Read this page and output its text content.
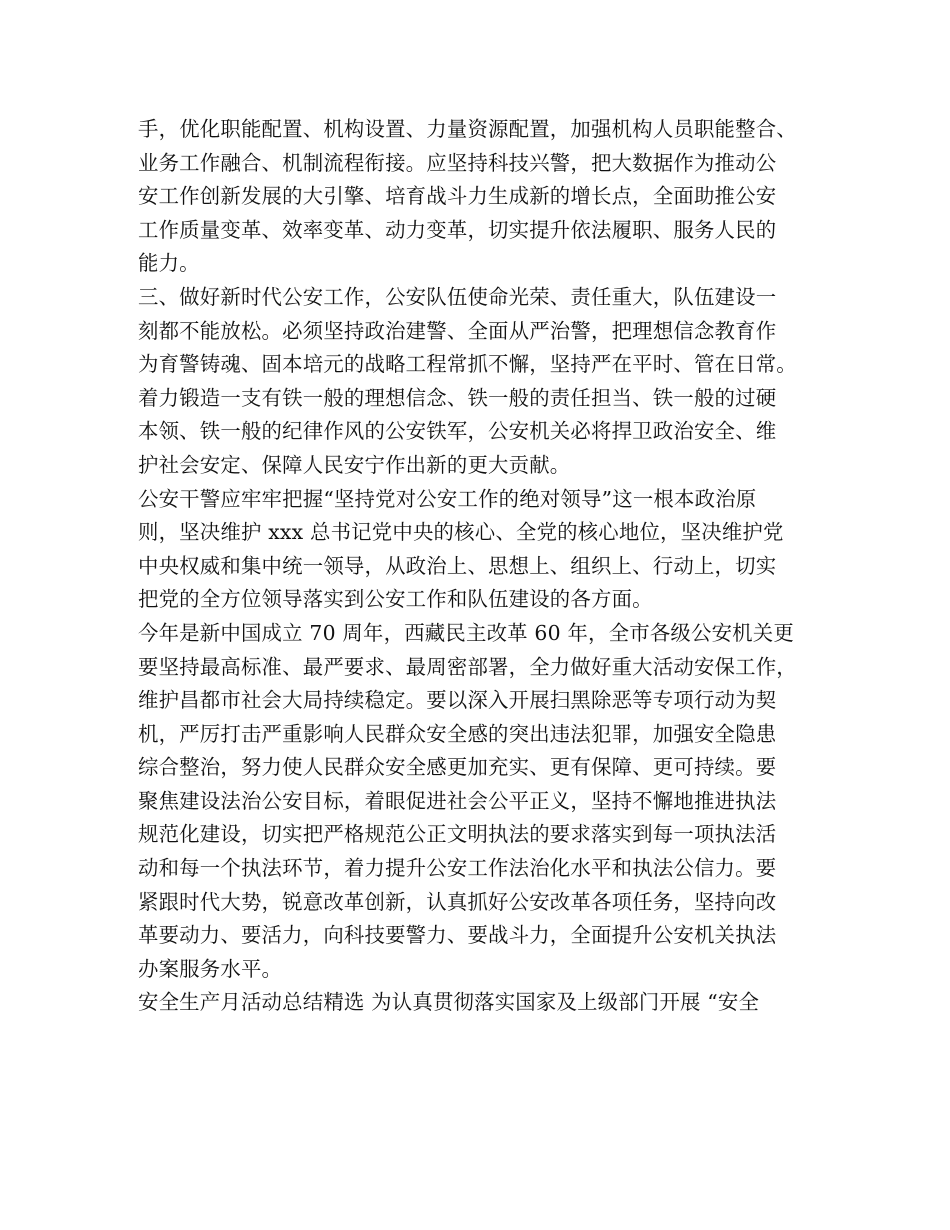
手，优化职能配置、机构设置、力量资源配置，加强机构人员职能整合、
业务工作融合、机制流程衔接。应坚持科技兴警，把大数据作为推动公
安工作创新发展的大引擎、培育战斗力生成新的增长点，全面助推公安
工作质量变革、效率变革、动力变革，切实提升依法履职、服务人民的
能力。
三、做好新时代公安工作，公安队伍使命光荣、责任重大，队伍建设一
刻都不能放松。必须坚持政治建警、全面从严治警，把理想信念教育作
为育警铸魂、固本培元的战略工程常抓不懈，坚持严在平时、管在日常。
着力锻造一支有铁一般的理想信念、铁一般的责任担当、铁一般的过硬
本领、铁一般的纪律作风的公安铁军，公安机关必将捍卫政治安全、维
护社会安定、保障人民安宁作出新的更大贡献。
公安干警应牢牢把握“坚持党对公安工作的绝对领导”这一根本政治原
则，坚决维护 xxx 总书记党中央的核心、全党的核心地位，坚决维护党
中央权威和集中统一领导，从政治上、思想上、组织上、行动上，切实
把党的全方位领导落实到公安工作和队伍建设的各方面。
今年是新中国成立 70 周年，西藏民主改革 60 年，全市各级公安机关更
要坚持最高标准、最严要求、最周密部署，全力做好重大活动安保工作，
维护昌都市社会大局持续稳定。要以深入开展扫黑除恶等专项行动为契
机，严厉打击严重影响人民群众安全感的突出违法犯罪，加强安全隐患
综合整治，努力使人民群众安全感更加充实、更有保障、更可持续。要
聚焦建设法治公安目标，着眼促进社会公平正义，坚持不懈地推进执法
规范化建设，切实把严格规范公正文明执法的要求落实到每一项执法活
动和每一个执法环节，着力提升公安工作法治化水平和执法公信力。要
紧跟时代大势，锐意改革创新，认真抓好公安改革各项任务，坚持向改
革要动力、要活力，向科技要警力、要战斗力，全面提升公安机关执法
办案服务水平。
安全生产月活动总结精选 为认真贯彻落实国家及上级部门开展 “安全
